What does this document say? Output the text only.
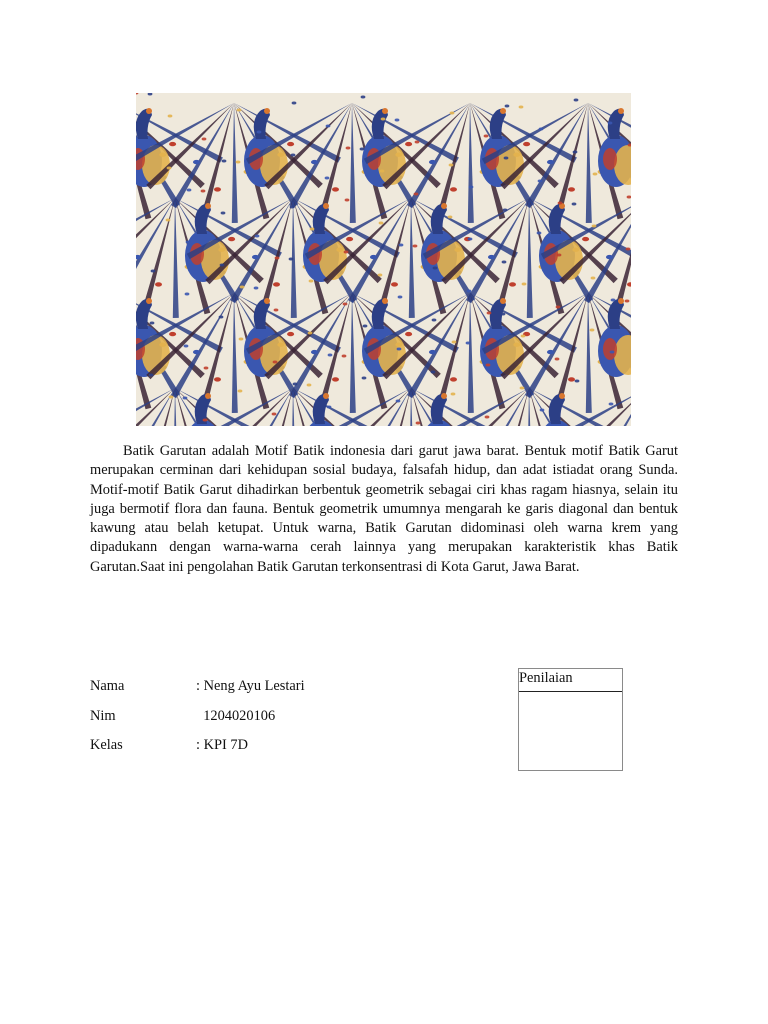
Batik Garutan adalah Motif Batik indonesia dari garut jawa barat. Bentuk motif Batik Garut merupakan cerminan dari kehidupan sosial budaya, falsafah hidup, dan adat istiadat orang Sunda. Motif-motif Batik Garut dihadirkan berbentuk geometrik sebagai ciri khas ragam hiasnya, selain itu juga bermotif flora dan fauna. Bentuk geometrik umumnya mengarah ke garis diagonal dan bentuk kawung atau belah ketupat. Untuk warna, Batik Garutan didominasi oleh warna krem yang dipadukann dengan warna-warna cerah lainnya yang merupakan karakteristik khas Batik Garutan.Saat ini pengolahan Batik Garutan terkonsentrasi di Kota Garut, Jawa Barat.

Nama	: Neng Ayu Lestari
Nim	1204020106
Kelas	: KPI 7D
Penilaian
